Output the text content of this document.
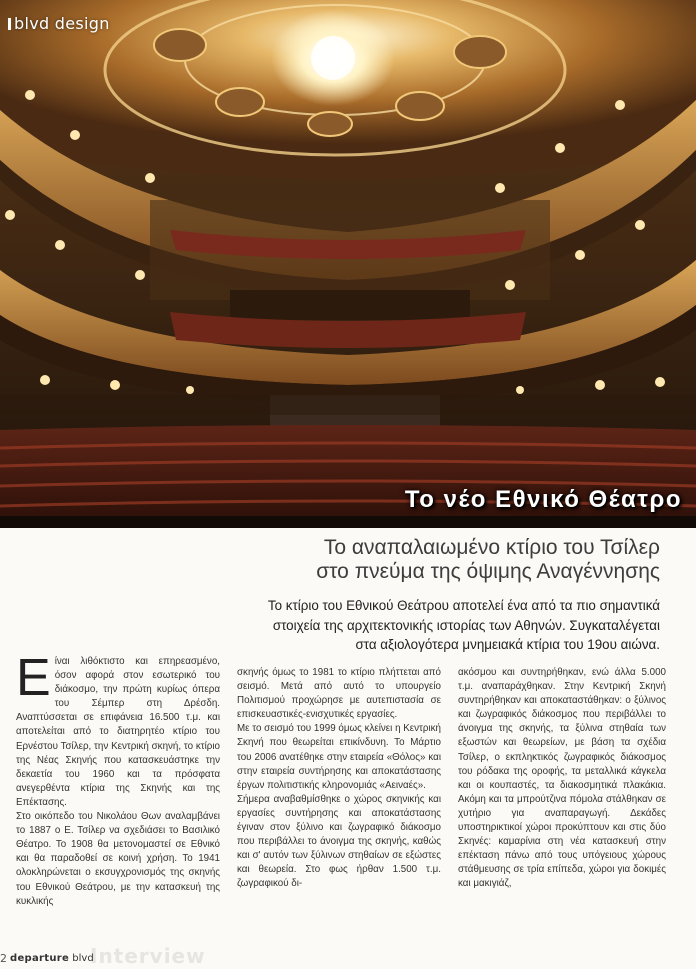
blvd design
Το νέο Εθνικό Θέατρο
Το αναπαλαιωμένο κτίριο του Τσίλερ
στο πνεύμα της όψιμης Αναγέννησης
Το κτίριο του Εθνικού Θεάτρου αποτελεί ένα από τα πιο σημαντικά
στοιχεία της αρχιτεκτονικής ιστορίας των Αθηνών. Συγκαταλέγεται
στα αξιολογότερα μνημειακά κτίρια του 19ου αιώνα.

Είναι λιθόκτιστο και επηρεασμένο, όσον αφορά στον εσωτερικό του διάκοσμο, την πρώτη κυρίως όπερα του Σέμπερ στη Δρέσδη. Αναπτύσσεται σε επιφάνεια 16.500 τ.μ. και αποτελείται από το διατηρητέο κτίριο του Ερνέστου Τσίλερ, την Κεντρική σκηνή, το κτίριο της Νέας Σκηνής που κατασκευάστηκε την δεκαετία του 1960 και τα πρόσφατα ανεγερθέντα κτίρια της Σκηνής και της Επέκτασης.

Στο οικόπεδο του Νικολάου Θων αναλαμβάνει το 1887 ο Ε. Τσίλερ να σχεδιάσει το Βασιλικό Θέατρο. Το 1908 θα μετονομαστεί σε Εθνικό και θα παραδοθεί σε κοινή χρήση. Το 1941 ολοκληρώνεται ο εκσυγχρονισμός της σκηνής του Εθνικού Θεάτρου, με την κατασκευή της κυκλικής

σκηνής όμως το 1981 το κτίριο πλήττεται από σεισμό. Μετά από αυτό το υπουργείο Πολιτισμού προχώρησε με αυτεπιστασία σε επισκευαστικές-ενισχυτικές εργασίες.

Με το σεισμό του 1999 όμως κλείνει η Κεντρική Σκηνή που θεωρείται επικίνδυνη. Το Μάρτιο του 2006 ανατέθηκε στην εταιρεία «Θόλος» και στην εταιρεία συντήρησης και αποκατάστασης έργων πολιτιστικής κληρονομιάς «Αειναές».

Σήμερα αναβαθμίσθηκε ο χώρος σκηνικής και εργασίες συντήρησης και αποκατάστασης έγιναν στον ξύλινο και ζωγραφικό διάκοσμο που περιβάλλει το άνοιγμα της σκηνής, καθώς και σ' αυτόν των ξύλινων στηθαίων σε εξώστες και θεωρεία. Στο φως ήρθαν 1.500 τ.μ. ζωγραφικού δι-

ακόσμου και συντηρήθηκαν, ενώ άλλα 5.000 τ.μ. αναπαράχθηκαν. Στην Κεντρική Σκηνή συντηρήθηκαν και αποκαταστάθηκαν: ο ξύλινος και ζωγραφικός διάκοσμος που περιβάλλει το άνοιγμα της σκηνής, τα ξύλινα στηθαία των εξωστών και θεωρείων, με βάση τα σχέδια Τσίλερ, ο εκπληκτικός ζωγραφικός διάκοσμος του ρόδακα της οροφής, τα μεταλλικά κάγκελα και οι κουπαστές, τα διακοσμητικά πλακάκια. Ακόμη και τα μπρούτζινα πόμολα στάλθηκαν σε χυτήριο για αναπαραγωγή. Δεκάδες υποστηρικτικοί χώροι προκύπτουν και στις δύο Σκηνές: καμαρίνια στη νέα κατασκευή στην επέκταση πάνω από τους υπόγειους χώρους στάθμευσης σε τρία επίπεδα, χώροι για δοκιμές και μακιγιάζ,

Interview
2 departure blvd
